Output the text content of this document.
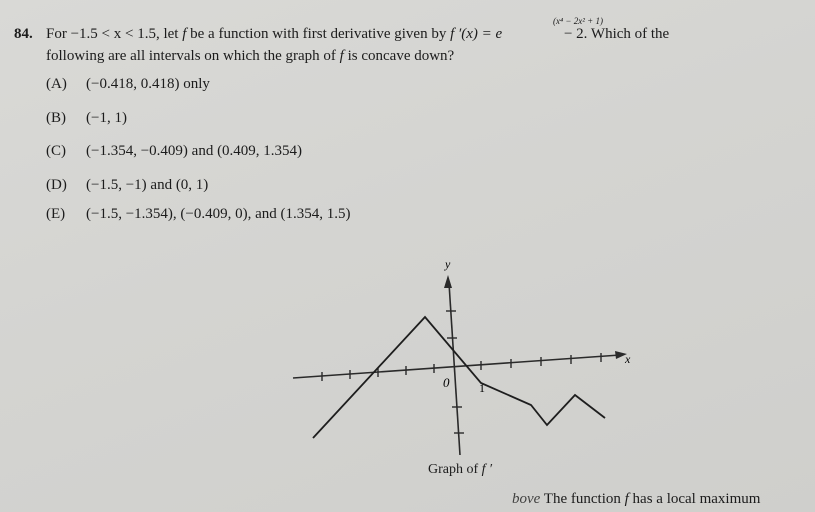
84. For −1.5 < x < 1.5, let f be a function with first derivative given by f ′(x) = e	− 2. Which of the
(x⁴ − 2x² + 1)
following are all intervals on which the graph of f is concave down?
(A) (−0.418, 0.418) only
(B) (−1, 1)
(C) (−1.354, −0.409) and (0.409, 1.354)
(D) (−1.5, −1) and (0, 1)
(E) (−1.5, −1.354), (−0.409, 0), and (1.354, 1.5)
y
x
0 1
Graph of f ′
bove The function f has a local maximum
